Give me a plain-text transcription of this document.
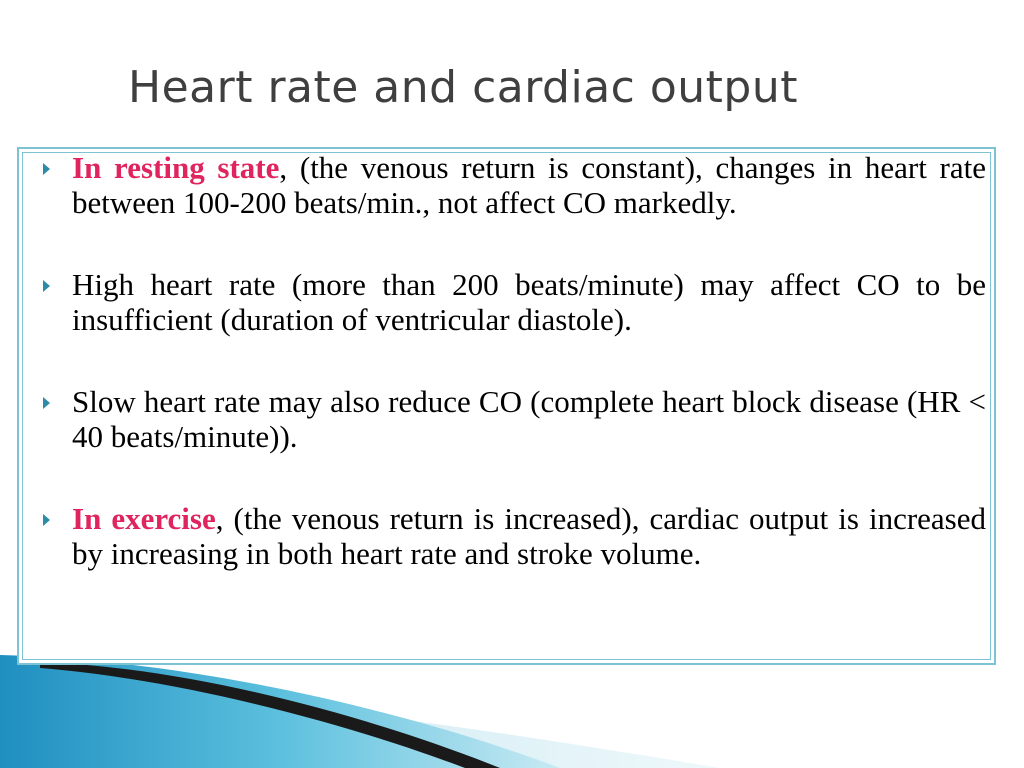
Heart rate and cardiac output
In resting state, (the venous return is constant), changes in heart rate between 100-200 beats/min., not affect CO markedly.
High heart rate (more than 200 beats/minute) may affect CO to be insufficient (duration of ventricular diastole).
Slow heart rate may also reduce CO (complete heart block disease (HR < 40 beats/minute)).
In exercise, (the venous return is increased), cardiac output is increased by increasing in both heart rate and stroke volume.
